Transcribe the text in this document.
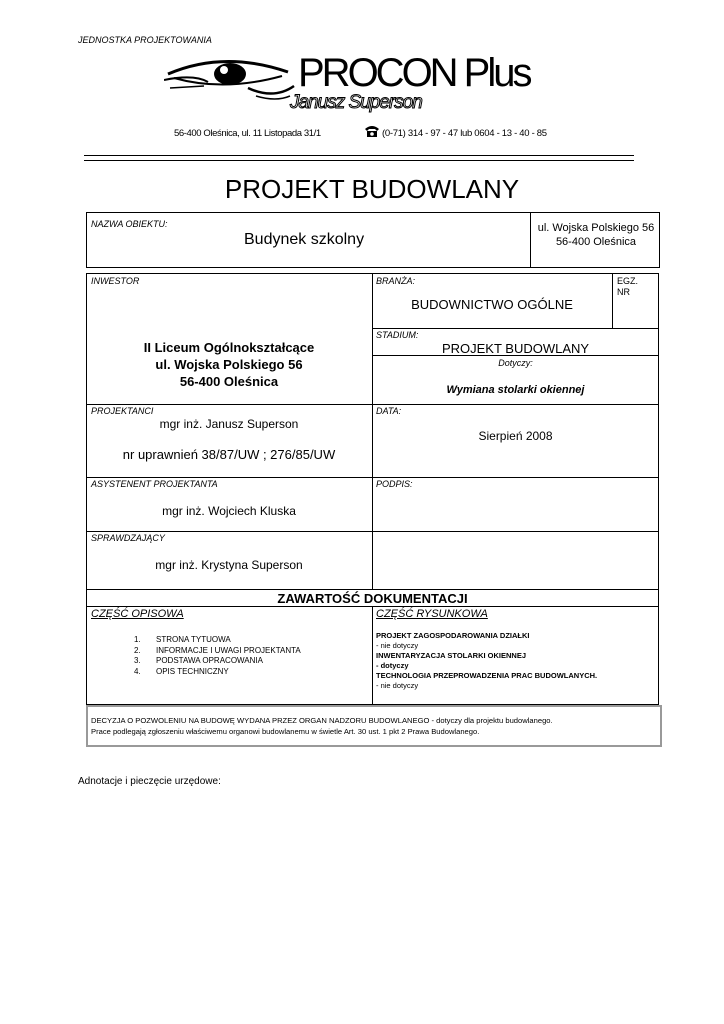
JEDNOSTKA PROJEKTOWANIA
PROCON Plus
Janusz Superson
56-400 Oleśnica, ul. 11 Listopada 31/1	(0-71) 314 - 97 - 47 lub 0604 - 13 - 40 - 85
PROJEKT BUDOWLANY
NAZWA OBIEKTU:
Budynek szkolny
ul. Wojska Polskiego 56
56-400 Oleśnica
INWESTOR
II Liceum Ogólnokształcące
ul. Wojska Polskiego 56
56-400 Oleśnica
BRANŻA:
BUDOWNICTWO OGÓLNE
EGZ.
NR
STADIUM:
PROJEKT BUDOWLANY
Dotyczy:
Wymiana stolarki okiennej
PROJEKTANCI
mgr inż. Janusz Superson
nr uprawnień 38/87/UW ; 276/85/UW
DATA:
Sierpień 2008
ASYSTENENT PROJEKTANTA
mgr inż. Wojciech Kluska
PODPIS:
SPRAWDZAJĄCY
mgr inż. Krystyna Superson
ZAWARTOŚĆ DOKUMENTACJI
CZĘŚĆ OPISOWA
1. STRONA TYTUOWA
2. INFORMACJE I UWAGI PROJEKTANTA
3. PODSTAWA OPRACOWANIA
4. OPIS TECHNICZNY
CZĘŚĆ RYSUNKOWA
PROJEKT ZAGOSPODAROWANIA DZIAŁKI
- nie dotyczy
INWENTARYZACJA STOLARKI OKIENNEJ
- dotyczy
TECHNOLOGIA PRZEPROWADZENIA PRAC BUDOWLANYCH.
- nie dotyczy
DECYZJA O POZWOLENIU NA BUDOWĘ WYDANA PRZEZ ORGAN NADZORU BUDOWLANEGO - dotyczy dla projektu budowlanego.
Prace podlegają zgłoszeniu właściwemu organowi budowlanemu w świetle Art. 30 ust. 1 pkt 2 Prawa Budowlanego.
Adnotacje i pieczęcie urzędowe:
